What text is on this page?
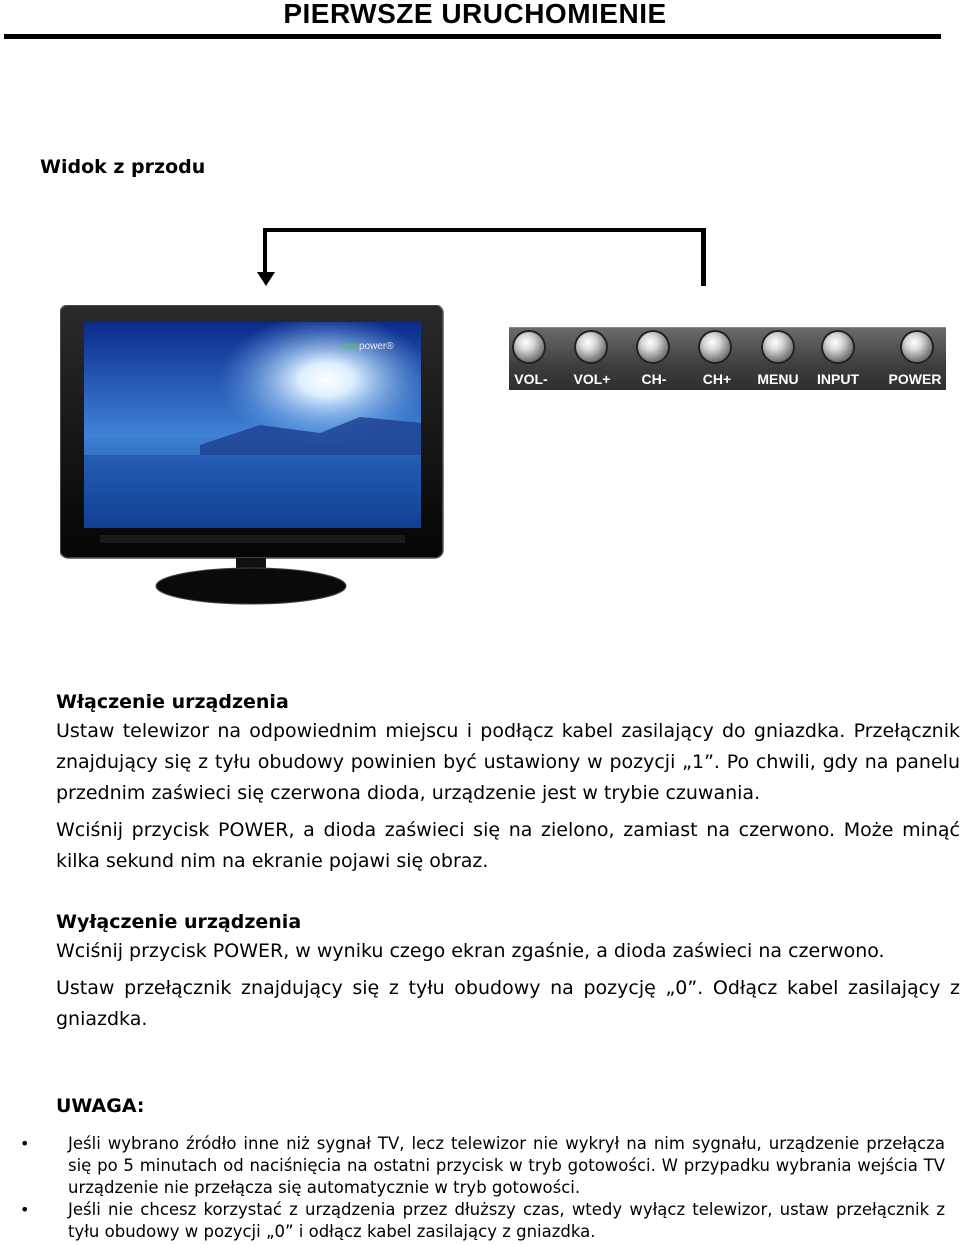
PIERWSZE URUCHOMIENIE
Widok z przodu
eco power®
VOL- VOL+ CH-	CH+ MENU INPUT POWER
Włączenie urządzenia

Ustaw telewizor na odpowiednim miejscu i podłącz kabel zasilający do gniazdka. Przełącznik znajdujący się z tyłu obudowy powinien być ustawiony w pozycji „1”. Po chwili, gdy na panelu przednim zaświeci się czerwona dioda, urządzenie jest w trybie czuwania.

Wciśnij przycisk POWER, a dioda zaświeci się na zielono, zamiast na czerwono. Może minąć kilka sekund nim na ekranie pojawi się obraz.

Wyłączenie urządzenia

Wciśnij przycisk POWER, w wyniku czego ekran zgaśnie, a dioda zaświeci na czerwono.

Ustaw przełącznik znajdujący się z tyłu obudowy na pozycję „0”. Odłącz kabel zasilający z gniazdka.

UWAGA:
• Jeśli wybrano źródło inne niż sygnał TV, lecz telewizor nie wykrył na nim sygnału, urządzenie przełącza się po 5 minutach od naciśnięcia na ostatni przycisk w tryb gotowości. W przypadku wybrania wejścia TV urządzenie nie przełącza się automatycznie w tryb gotowości.
• Jeśli nie chcesz korzystać z urządzenia przez dłuższy czas, wtedy wyłącz telewizor, ustaw przełącznik z tyłu obudowy w pozycji „0” i odłącz kabel zasilający z gniazdka.
